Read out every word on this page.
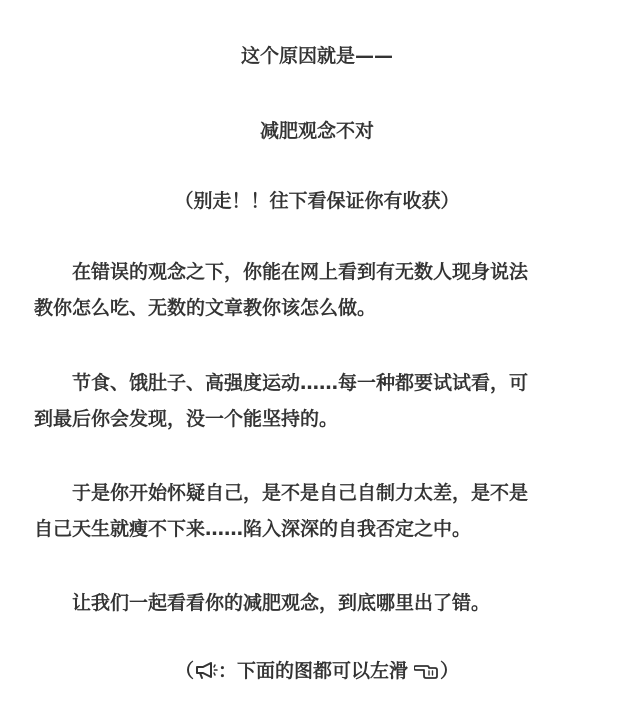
这个原因就是——
减肥观念不对
（别走！！往下看保证你有收获）
在错误的观念之下，你能在网上看到有无数人现身说法
教你怎么吃、无数的文章教你该怎么做。
节食、饿肚子、高强度运动……每一种都要试试看，可
到最后你会发现，没一个能坚持的。
于是你开始怀疑自己，是不是自己自制力太差，是不是
自己天生就瘦不下来……陷入深深的自我否定之中。
让我们一起看看你的减肥观念，到底哪里出了错。
（ ：下面的图都可以左滑 ）
